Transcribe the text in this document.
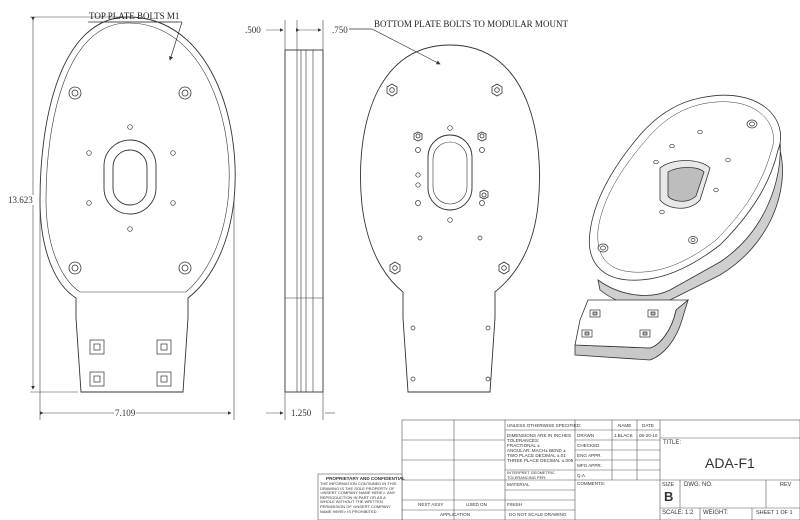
TOP PLATE BOLTS M1
BOTTOM PLATE BOLTS TO MODULAR MOUNT
13.623
7.109
.500	.750
1.250
UNLESS OTHERWISE SPECIFIED:
DIMENSIONS ARE IN INCHES
TOLERANCES:
FRACTIONAL ±
ANGULAR: MACH± BEND ±
TWO PLACE DECIMAL ±.01
THREE PLACE DECIMAL ±.005
INTERPRET GEOMETRIC TOLERANCING PER:
MATERIAL
FINISH
DO NOT SCALE DRAWING
NEXT ASSY	USED ON
APPLICATION
NAME DATE
DRAWN	J.BLACK 06-20-10
CHECKED
ENG APPR.
MFG APPR.
Q.A.
COMMENTS:
TITLE:
ADA-F1
SIZE
B
DWG. NO.	REV
SCALE: 1:2 WEIGHT:	SHEET 1 OF 1
PROPRIETARY AND CONFIDENTIAL
THE INFORMATION CONTAINED IN THIS DRAWING IS THE SOLE PROPERTY OF <INSERT COMPANY NAME HERE>. ANY REPRODUCTION IN PART OR AS A WHOLE WITHOUT THE WRITTEN PERMISSION OF <INSERT COMPANY NAME HERE> IS PROHIBITED.
